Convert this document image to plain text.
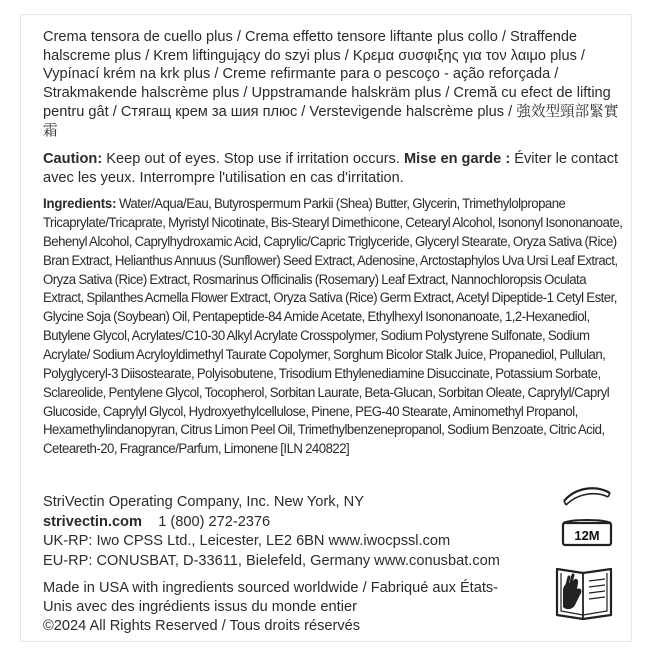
Crema tensora de cuello plus / Crema effetto tensore liftante plus collo / Straffende halscreme plus / Krem liftingujący do szyi plus / Κρεμα συσφιξης για τον λαιμο plus / Vypínací krém na krk plus / Creme refirmante para o pescoço - ação reforçada / Strakmakende halscrème plus / Uppstramande halskräm plus / Cremă cu efect de lifting pentru gât / Стягащ крем за шия плюс / Verstevigende halscrème plus / 強效型頸部緊實霜

Caution: Keep out of eyes. Stop use if irritation occurs. Mise en garde : Éviter le contact avec les yeux. Interrompre l'utilisation en cas d'irritation.

Ingredients: Water/Aqua/Eau, Butyrospermum Parkii (Shea) Butter, Glycerin, Trimethylolpropane Tricaprylate/Tricaprate, Myristyl Nicotinate, Bis-Stearyl Dimethicone, Cetearyl Alcohol, Isononyl Isononanoate, Behenyl Alcohol, Caprylhydroxamic Acid, Caprylic/Capric Triglyceride, Glyceryl Stearate, Oryza Sativa (Rice) Bran Extract, Helianthus Annuus (Sunflower) Seed Extract, Adenosine, Arctostaphylos Uva Ursi Leaf Extract, Oryza Sativa (Rice) Extract, Rosmarinus Officinalis (Rosemary) Leaf Extract, Nannochloropsis Oculata Extract, Spilanthes Acmella Flower Extract, Oryza Sativa (Rice) Germ Extract, Acetyl Dipeptide-1 Cetyl Ester, Glycine Soja (Soybean) Oil, Pentapeptide-84 Amide Acetate, Ethylhexyl Isononanoate, 1,2-Hexanediol, Butylene Glycol, Acrylates/C10-30 Alkyl Acrylate Crosspolymer, Sodium Polystyrene Sulfonate, Sodium Acrylate/ Sodium Acryloyldimethyl Taurate Copolymer, Sorghum Bicolor Stalk Juice, Propanediol, Pullulan, Polyglyceryl-3 Diisostearate, Polyisobutene, Trisodium Ethylenediamine Disuccinate, Potassium Sorbate, Sclareolide, Pentylene Glycol, Tocopherol, Sorbitan Laurate, Beta-Glucan, Sorbitan Oleate, Caprylyl/Capryl Glucoside, Caprylyl Glycol, Hydroxyethylcellulose, Pinene, PEG-40 Stearate, Aminomethyl Propanol, Hexamethylindanopyran, Citrus Limon Peel Oil, Trimethylbenzenepropanol, Sodium Benzoate, Citric Acid, Ceteareth-20, Fragrance/Parfum, Limonene [ILN 240822]

StriVectin Operating Company, Inc. New York, NY
strivectin.com 1 (800) 272-2376
UK-RP: Iwo CPSS Ltd., Leicester, LE2 6BN www.iwocpssl.com
EU-RP: CONUSBAT, D-33611, Bielefeld, Germany www.conusbat.com
Made in USA with ingredients sourced worldwide / Fabriqué aux États-Unis avec des ingrédients issus du monde entier
©2024 All Rights Reserved / Tous droits réservés
12M
